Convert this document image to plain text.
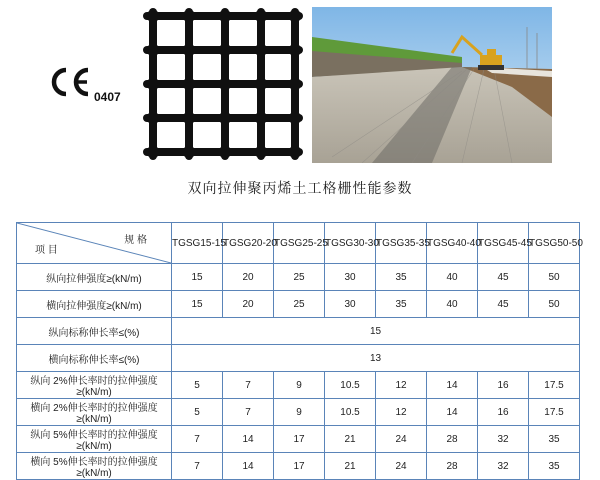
0407
双向拉伸聚丙烯土工格栅性能参数
规 格
项 目	TGSG15-15	TGSG20-20	TGSG25-25	TGSG30-30	TGSG35-35	TGSG40-40	TGSG45-45	TGSG50-50
纵向拉伸强度≥(kN/m)	15	20	25	30	35	40	45	50
横向拉伸强度≥(kN/m)	15	20	25	30	35	40	45	50
纵向标称伸长率≤(%)	15							
横向标称伸长率≤(%)	13							
纵向 2%伸长率时的拉伸强度≥(kN/m)	5	7	9	10.5	12	14	16	17.5
横向 2%伸长率时的拉伸强度≥(kN/m)	5	7	9	10.5	12	14	16	17.5
纵向 5%伸长率时的拉伸强度≥(kN/m)	7	14	17	21	24	28	32	35
横向 5%伸长率时的拉伸强度≥(kN/m)	7	14	17	21	24	28	32	35
